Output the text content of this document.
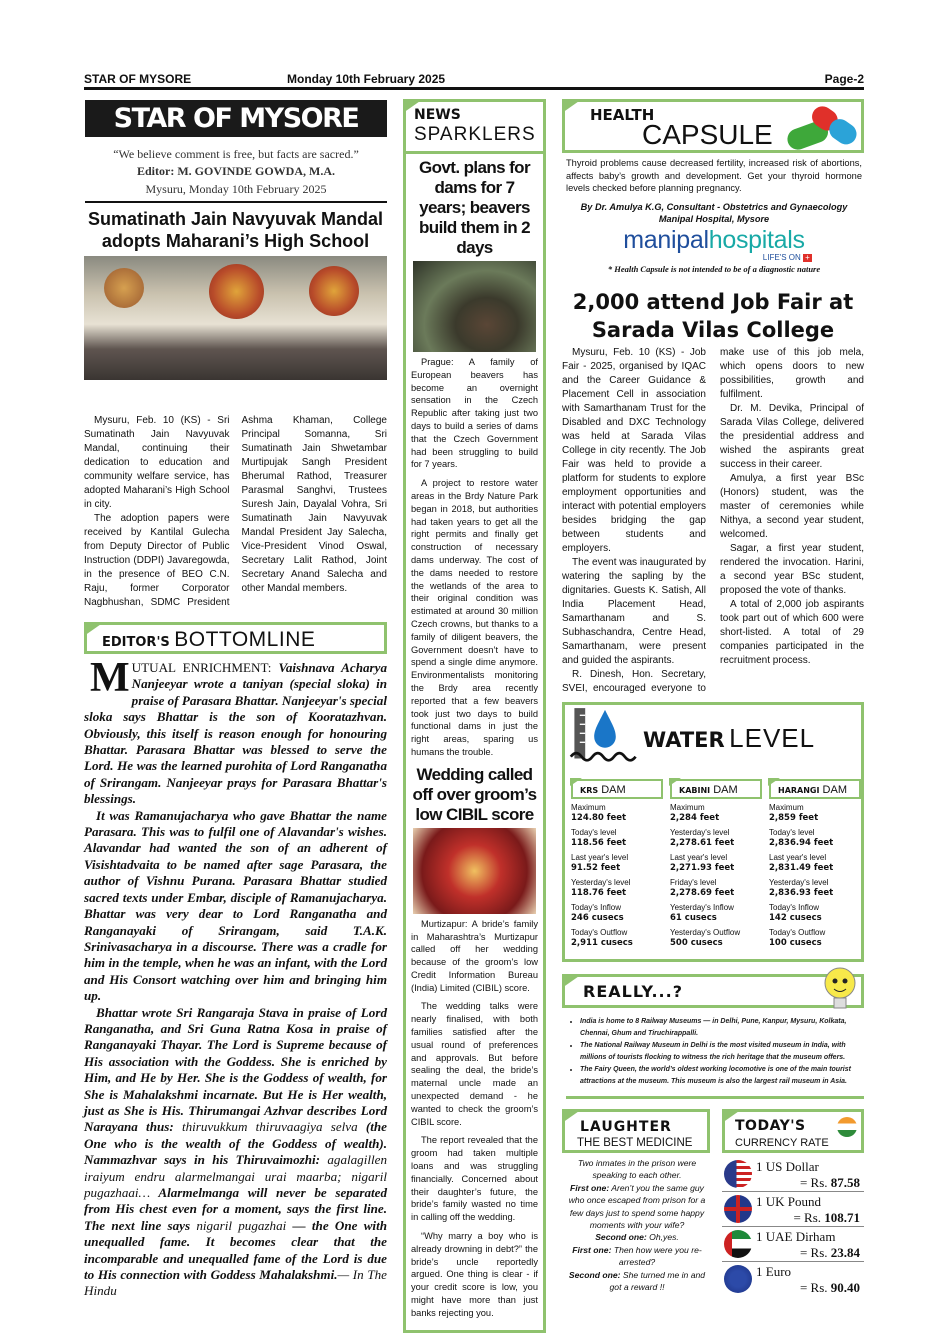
STAR OF MYSORE	Monday 10th February 2025	Page-2
STAR OF MYSORE
“We believe comment is free, but facts are sacred.”
Editor: M. GOVINDE GOWDA, M.A.
Mysuru, Monday 10th February 2025
Sumatinath Jain Navyuvak Mandal adopts Maharani’s High School

Mysuru, Feb. 10 (KS) - Sri Sumatinath Jain Navyuvak Mandal, continuing their dedication to education and community welfare service, has adopted Maharani’s High School in city.

The adoption papers were received by Kantilal Gulecha from Deputy Director of Public Instruction (DDPI) Javaregowda, in the presence of BEO C.N. Raju, former Corporator Nagbhushan, SDMC President Ashma Khaman, College Principal Somanna, Sri Sumatinath Jain Shwetambar Murtipujak Sangh President Bherumal Rathod, Treasurer Parasmal Sanghvi, Trustees Suresh Jain, Dayalal Vohra, Sri Sumatinath Jain Navyuvak Mandal President Jay Salecha, Vice-President Vinod Oswal, Secretary Lalit Rathod, Joint Secretary Anand Salecha and other Mandal members.

EDITOR'S BOTTOMLINE

MUTUAL ENRICHMENT: Vaishnava Acharya Nanjeeyar wrote a taniyan (special sloka) in praise of Parasara Bhattar. Nanjeeyar's special sloka says Bhattar is the son of Kooratazhvan. Obviously, this itself is reason enough for honouring Bhattar. Parasara Bhattar was blessed to serve the Lord. He was the learned purohita of Lord Ranganatha of Srirangam. Nanjeeyar prays for Parasara Bhattar's blessings.

It was Ramanujacharya who gave Bhattar the name Parasara. This was to fulfil one of Alavandar's wishes. Alavandar had wanted the son of an adherent of Visishtadvaita to be named after sage Parasara, the author of Vishnu Purana. Parasara Bhattar studied sacred texts under Embar, disciple of Ramanujacharya. Bhattar was very dear to Lord Ranganatha and Ranganayaki of Srirangam, said T.A.K. Srinivasacharya in a discourse. There was a cradle for him in the temple, when he was an infant, with the Lord and His Consort watching over him and bringing him up.

Bhattar wrote Sri Rangaraja Stava in praise of Lord Ranganatha, and Sri Guna Ratna Kosa in praise of Ranganayaki Thayar. The Lord is Supreme because of His association with the Goddess. She is enriched by Him, and He by Her. She is the Goddess of wealth, for She is Mahalakshmi incarnate. But He is Her wealth, just as She is His. Thirumangai Azhvar describes Lord Narayana thus: thiruvukkum thiruvaagiya selva (the One who is the wealth of the Goddess of wealth). Nammazhvar says in his Thiruvaimozhi: agalagillen iraiyum endru alarmelmangai urai maarba; nigaril pugazhaai… Alarmelmanga will never be separated from His chest even for a moment, says the first line. The next line says nigaril pugazhai — the One with unequalled fame. It becomes clear that the incomparable and unequalled fame of the Lord is due to His connection with Goddess Mahalakshmi.— In The Hindu

NEWS
SPARKLERS
Govt. plans for dams for 7 years; beavers build them in 2 days

Prague: A family of European beavers has become an overnight sensation in the Czech Republic after taking just two days to build a series of dams that the Czech Government had been struggling to build for 7 years.

A project to restore water areas in the Brdy Nature Park began in 2018, but authorities had taken years to get all the right permits and finally get construction of necessary dams underway. The cost of the dams needed to restore the wetlands of the area to their original condition was estimated at around 30 million Czech crowns, but thanks to a family of diligent beavers, the Government doesn’t have to spend a single dime anymore. Environmentalists monitoring the Brdy area recently reported that a few beavers took just two days to build functional dams in just the right areas, sparing us humans the trouble.

Wedding called off over groom’s low CIBIL score

Murtizapur: A bride’s family in Maharashtra’s Murtizapur called off her wedding because of the groom’s low Credit Information Bureau (India) Limited (CIBIL) score.

The wedding talks were nearly finalised, with both families satisfied after the usual round of preferences and approvals. But before sealing the deal, the bride’s maternal uncle made an unexpected demand - he wanted to check the groom’s CIBIL score.

The report revealed that the groom had taken multiple loans and was struggling financially. Concerned about their daughter’s future, the bride’s family wasted no time in calling off the wedding.

“Why marry a boy who is already drowning in debt?” the bride’s uncle reportedly argued. One thing is clear - if your credit score is low, you might have more than just banks rejecting you.

HEALTH
CAPSULE
Thyroid problems cause decreased fertility, increased risk of abortions, affects baby’s growth and development. Get your thyroid hormone levels checked before planning pregnancy.
By Dr. Amulya K.G, Consultant - Obstetrics and Gynaecology
Manipal Hospital, Mysore
manipalhospitals
LIFE'S ON +
* Health Capsule is not intended to be of a diagnostic nature
2,000 attend Job Fair at Sarada Vilas College

Mysuru, Feb. 10 (KS) - Job Fair - 2025, organised by IQAC and the Career Guidance & Placement Cell in association with Samarthanam Trust for the Disabled and DXC Technology was held at Sarada Vilas College in city recently. The Job Fair was held to provide a platform for students to explore employment opportunities and interact with potential employers besides bridging the gap between students and employers.

The event was inaugurated by watering the sapling by the dignitaries. Guests K. Satish, All India Placement Head, Samarthanam and S. Subhaschandra, Centre Head, Samarthanam, were present and guided the aspirants.

R. Dinesh, Hon. Secretary, SVEI, encouraged everyone to make use of this job mela, which opens doors to new possibilities, growth and fulfilment.

Dr. M. Devika, Principal of Sarada Vilas College, delivered the presidential address and wished the aspirants great success in their career.

Amulya, a first year BSc (Honors) student, was the master of ceremonies while Nithya, a second year student, welcomed.

Sagar, a first year student, rendered the invocation. Harini, a second year BSc student, proposed the vote of thanks.

A total of 2,000 job aspirants took part out of which 600 were short-listed. A total of 29 companies participated in the recruitment process.

WATER LEVEL
KRS DAM
Maximum
124.80 feet
Today's level
118.56 feet
Last year's level
91.52 feet
Yesterday's level
118.76 feet
Today's Inflow
246 cusecs
Today's Outflow
2,911 cusecs
KABINI DAM
Maximum
2,284 feet
Yesterday's level
2,278.61 feet
Last year's level
2,271.93 feet
Friday's level
2,278.69 feet
Yesterday's Inflow
61 cusecs
Yesterday's Outflow
500 cusecs
HARANGI DAM
Maximum
2,859 feet
Today's level
2,836.94 feet
Last year's level
2,831.49 feet
Yesterday's level
2,836.93 feet
Today's Inflow
142 cusecs
Today's Outflow
100 cusecs
REALLY...?
• India is home to 8 Railway Museums — in Delhi, Pune, Kanpur, Mysuru, Kolkata, Chennai, Ghum and Tiruchirappalli.
• The National Railway Museum in Delhi is the most visited museum in India, with millions of tourists flocking to witness the rich heritage that the museum offers.
• The Fairy Queen, the world’s oldest working locomotive is one of the main tourist attractions at the museum. This museum is also the largest rail museum in Asia.
LAUGHTER
THE BEST MEDICINE
Two inmates in the prison were speaking to each other.
First one: Aren’t you the same guy who once escaped from prison for a few days just to spend some happy moments with your wife?
Second one: Oh,yes.
First one: Then how were you re-arrested?
Second one: She turned me in and got a reward !!
TODAY'S
CURRENCY RATE
1 US Dollar
= Rs. 87.58
1 UK Pound
= Rs. 108.71
1 UAE Dirham
= Rs. 23.84
1 Euro
= Rs. 90.40
